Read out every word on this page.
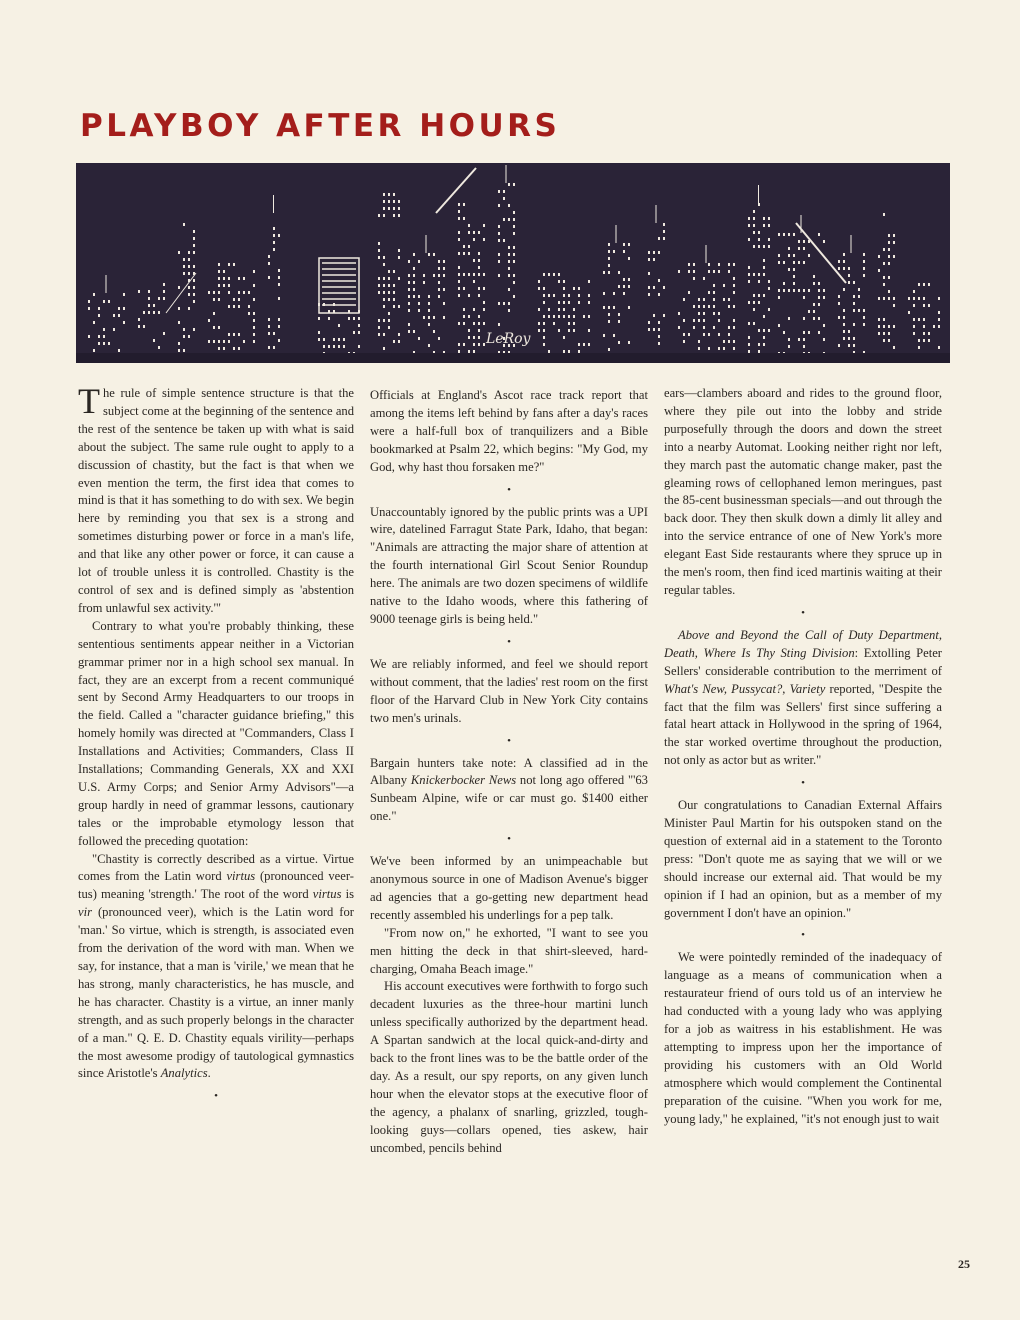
PLAYBOY AFTER HOURS
LeRoy

The rule of simple sentence structure is that the subject come at the beginning of the sentence and the rest of the sentence be taken up with what is said about the subject. The same rule ought to apply to a discussion of chastity, but the fact is that when we even mention the term, the first idea that comes to mind is that it has something to do with sex. We begin here by reminding you that sex is a strong and sometimes disturbing power or force in a man's life, and that like any other power or force, it can cause a lot of trouble unless it is controlled. Chastity is the control of sex and is defined simply as 'abstention from unlawful sex activity.'"

Contrary to what you're probably thinking, these sententious sentiments appear neither in a Victorian grammar primer nor in a high school sex manual. In fact, they are an excerpt from a recent communiqué sent by Second Army Headquarters to our troops in the field. Called a "character guidance briefing," this homely homily was directed at "Commanders, Class I Installations and Activities; Commanders, Class II Installations; Commanding Generals, XX and XXI U.S. Army Corps; and Senior Army Advisors"—a group hardly in need of grammar lessons, cautionary tales or the improbable etymology lesson that followed the preceding quotation:

"Chastity is correctly described as a virtue. Virtue comes from the Latin word virtus (pronounced veer-tus) meaning 'strength.' The root of the word virtus is vir (pronounced veer), which is the Latin word for 'man.' So virtue, which is strength, is associated even from the derivation of the word with man. When we say, for instance, that a man is 'virile,' we mean that he has strong, manly characteristics, he has muscle, and he has character. Chastity is a virtue, an inner manly strength, and as such properly belongs in the character of a man." Q. E. D. Chastity equals virility—perhaps the most awesome prodigy of tautological gymnastics since Aristotle's Analytics.

•

Officials at England's Ascot race track report that among the items left behind by fans after a day's races were a half-full box of tranquilizers and a Bible bookmarked at Psalm 22, which begins: "My God, my God, why hast thou forsaken me?"

•

Unaccountably ignored by the public prints was a UPI wire, datelined Farragut State Park, Idaho, that began: "Animals are attracting the major share of attention at the fourth international Girl Scout Senior Roundup here. The animals are two dozen specimens of wildlife native to the Idaho woods, where this fathering of 9000 teenage girls is being held."

•

We are reliably informed, and feel we should report without comment, that the ladies' rest room on the first floor of the Harvard Club in New York City contains two men's urinals.

•

Bargain hunters take note: A classified ad in the Albany Knickerbocker News not long ago offered "'63 Sunbeam Alpine, wife or car must go. $1400 either one."

•

We've been informed by an unimpeachable but anonymous source in one of Madison Avenue's bigger ad agencies that a go-getting new department head recently assembled his underlings for a pep talk.

"From now on," he exhorted, "I want to see you men hitting the deck in that shirt-sleeved, hard-charging, Omaha Beach image."

His account executives were forthwith to forgo such decadent luxuries as the three-hour martini lunch unless specifically authorized by the department head. A Spartan sandwich at the local quick-and-dirty and back to the front lines was to be the battle order of the day. As a result, our spy reports, on any given lunch hour when the elevator stops at the executive floor of the agency, a phalanx of snarling, grizzled, tough-looking guys—collars opened, ties askew, hair uncombed, pencils behind

ears—clambers aboard and rides to the ground floor, where they pile out into the lobby and stride purposefully through the doors and down the street into a nearby Automat. Looking neither right nor left, they march past the automatic change maker, past the gleaming rows of cellophaned lemon meringues, past the 85-cent businessman specials—and out through the back door. They then skulk down a dimly lit alley and into the service entrance of one of New York's more elegant East Side restaurants where they spruce up in the men's room, then find iced martinis waiting at their regular tables.

•

Above and Beyond the Call of Duty Department, Death, Where Is Thy Sting Division: Extolling Peter Sellers' considerable contribution to the merriment of What's New, Pussycat?, Variety reported, "Despite the fact that the film was Sellers' first since suffering a fatal heart attack in Hollywood in the spring of 1964, the star worked overtime throughout the production, not only as actor but as writer."

•

Our congratulations to Canadian External Affairs Minister Paul Martin for his outspoken stand on the question of external aid in a statement to the Toronto press: "Don't quote me as saying that we will or we should increase our external aid. That would be my opinion if I had an opinion, but as a member of my government I don't have an opinion."

•

We were pointedly reminded of the inadequacy of language as a means of communication when a restaurateur friend of ours told us of an interview he had conducted with a young lady who was applying for a job as waitress in his establishment. He was attempting to impress upon her the importance of providing his customers with an Old World atmosphere which would complement the Continental preparation of the cuisine. "When you work for me, young lady," he explained, "it's not enough just to wait

25
